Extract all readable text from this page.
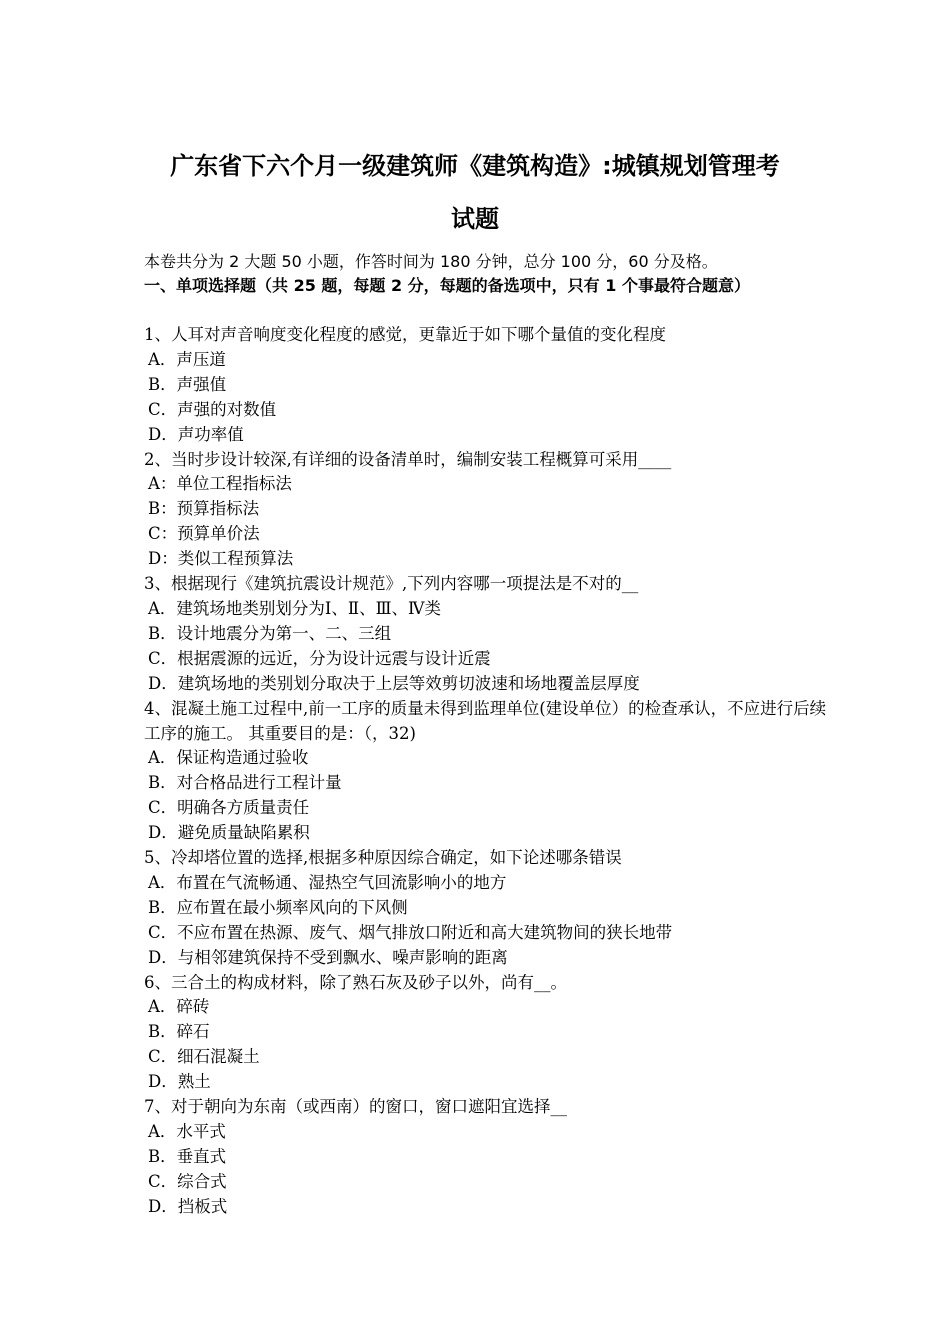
广东省下六个月一级建筑师《建筑构造》:城镇规划管理考
试题
本卷共分为 2 大题 50 小题，作答时间为 180 分钟，总分 100 分，60 分及格。
一、单项选择题（共 25 题，每题 2 分，每题的备选项中，只有 1 个事最符合题意）
1、人耳对声音响度变化程度的感觉，更靠近于如下哪个量值的变化程度
A．声压道
B．声强值
C．声强的对数值
D．声功率值
2、当时步设计较深,有详细的设备清单时，编制安装工程概算可采用____
A：单位工程指标法
B：预算指标法
C：预算单价法
D：类似工程预算法
3、根据现行《建筑抗震设计规范》,下列内容哪一项提法是不对的__
A．建筑场地类别划分为Ⅰ、Ⅱ、Ⅲ、Ⅳ类
B．设计地震分为第一、二、三组
C．根据震源的远近，分为设计远震与设计近震
D．建筑场地的类别划分取决于上层等效剪切波速和场地覆盖层厚度
4、混凝土施工过程中,前一工序的质量未得到监理单位(建设单位）的检查承认，不应进行后续工序的施工。 其重要目的是：（，32)
A．保证构造通过验收
B．对合格品进行工程计量
C．明确各方质量责任
D．避免质量缺陷累积
5、冷却塔位置的选择,根据多种原因综合确定，如下论述哪条错误
A．布置在气流畅通、湿热空气回流影响小的地方
B．应布置在最小频率风向的下风侧
C．不应布置在热源、废气、烟气排放口附近和高大建筑物间的狭长地带
D．与相邻建筑保持不受到飘水、噪声影响的距离
6、三合土的构成材料，除了熟石灰及砂子以外，尚有__。
A．碎砖
B．碎石
C．细石混凝土
D．熟土
7、对于朝向为东南（或西南）的窗口，窗口遮阳宜选择__
A．水平式
B．垂直式
C．综合式
D．挡板式
